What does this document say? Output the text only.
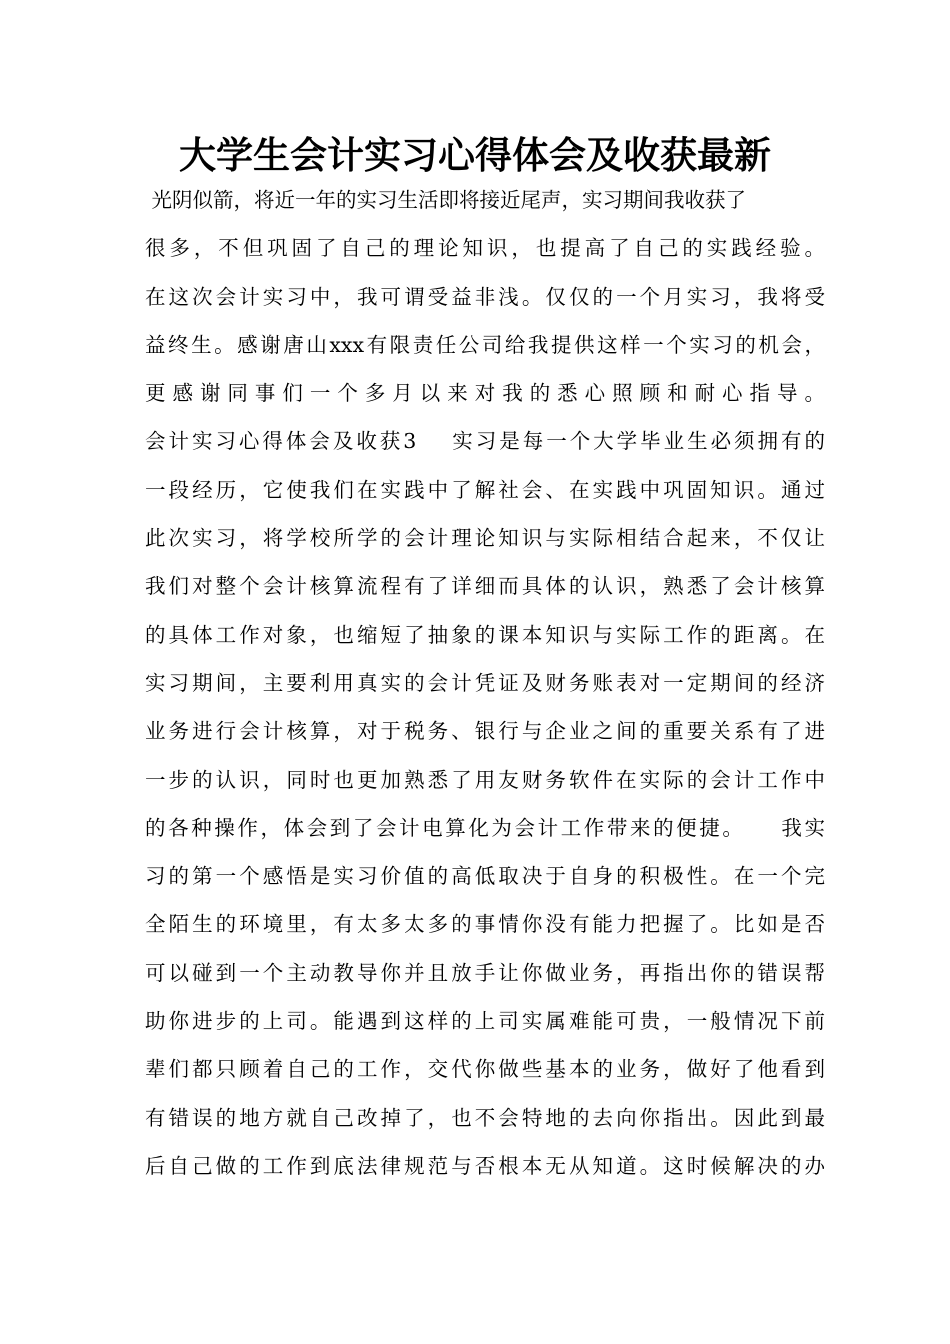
大学生会计实习心得体会及收获最新
光阴似箭，将近一年的实习生活即将接近尾声，实习期间我收获了
很多，不但巩固了自己的理论知识，也提高了自己的实践经验。
在这次会计实习中，我可谓受益非浅。仅仅的一个月实习，我将受
益终生。感谢唐山xxx有限责任公司给我提供这样一个实习的机会，
更感谢同事们一个多月以来对我的悉心照顾和耐心指导。
会计实习心得体会及收获3　 实习是每一个大学毕业生必须拥有的
一段经历，它使我们在实践中了解社会、在实践中巩固知识。通过
此次实习，将学校所学的会计理论知识与实际相结合起来，不仅让
我们对整个会计核算流程有了详细而具体的认识，熟悉了会计核算
的具体工作对象，也缩短了抽象的课本知识与实际工作的距离。在
实习期间，主要利用真实的会计凭证及财务账表对一定期间的经济
业务进行会计核算，对于税务、银行与企业之间的重要关系有了进
一步的认识，同时也更加熟悉了用友财务软件在实际的会计工作中
的各种操作，体会到了会计电算化为会计工作带来的便捷。　　我实
习的第一个感悟是实习价值的高低取决于自身的积极性。在一个完
全陌生的环境里，有太多太多的事情你没有能力把握了。比如是否
可以碰到一个主动教导你并且放手让你做业务，再指出你的错误帮
助你进步的上司。能遇到这样的上司实属难能可贵，一般情况下前
辈们都只顾着自己的工作，交代你做些基本的业务，做好了他看到
有错误的地方就自己改掉了，也不会特地的去向你指出。因此到最
后自己做的工作到底法律规范与否根本无从知道。这时候解决的办
